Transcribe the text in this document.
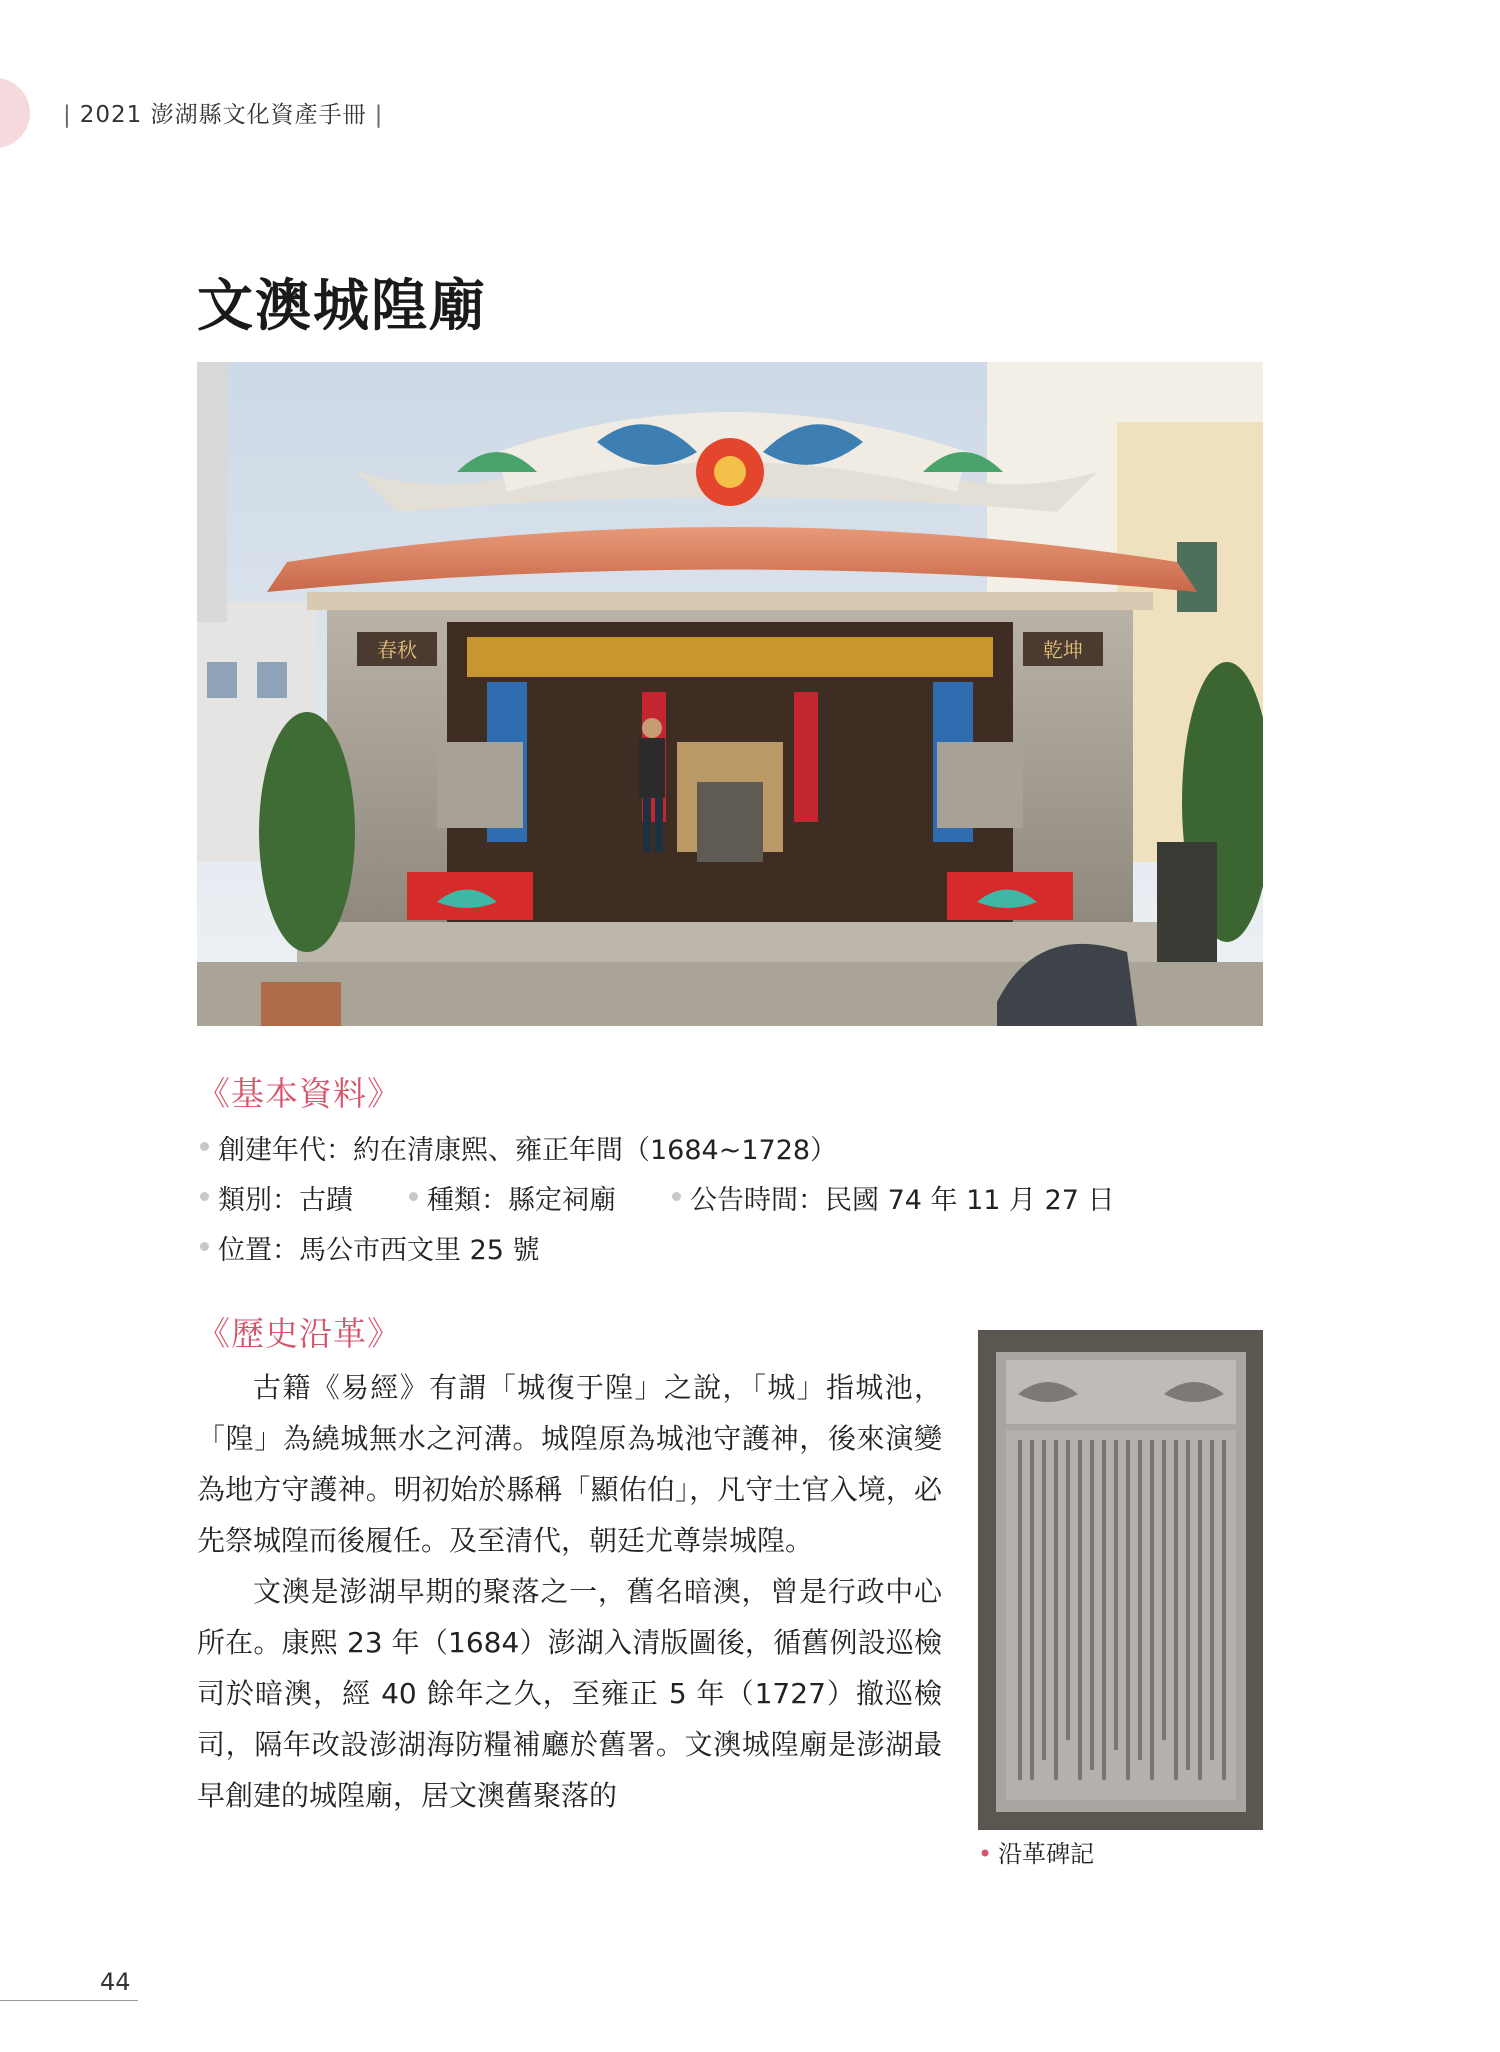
| 2021 澎湖縣文化資產手冊 |
文澳城隍廟
春秋	乾坤
《基本資料》
創建年代：約在清康熙、雍正年間（1684~1728）
類別：古蹟	種類：縣定祠廟	公告時間：民國 74 年 11 月 27 日
位置：馬公市西文里 25 號
《歷史沿革》

古籍《易經》有謂「城復于隍」之說，「城」指城池，「隍」為繞城無水之河溝。城隍原為城池守護神，後來演變為地方守護神。明初始於縣稱「顯佑伯」，凡守土官入境，必先祭城隍而後履任。及至清代，朝廷尤尊崇城隍。

文澳是澎湖早期的聚落之一，舊名暗澳，曾是行政中心所在。康熙 23 年（1684）澎湖入清版圖後，循舊例設巡檢司於暗澳，經 40 餘年之久，至雍正 5 年（1727）撤巡檢司，隔年改設澎湖海防糧補廳於舊署。文澳城隍廟是澎湖最早創建的城隍廟，居文澳舊聚落的

• 沿革碑記
44
